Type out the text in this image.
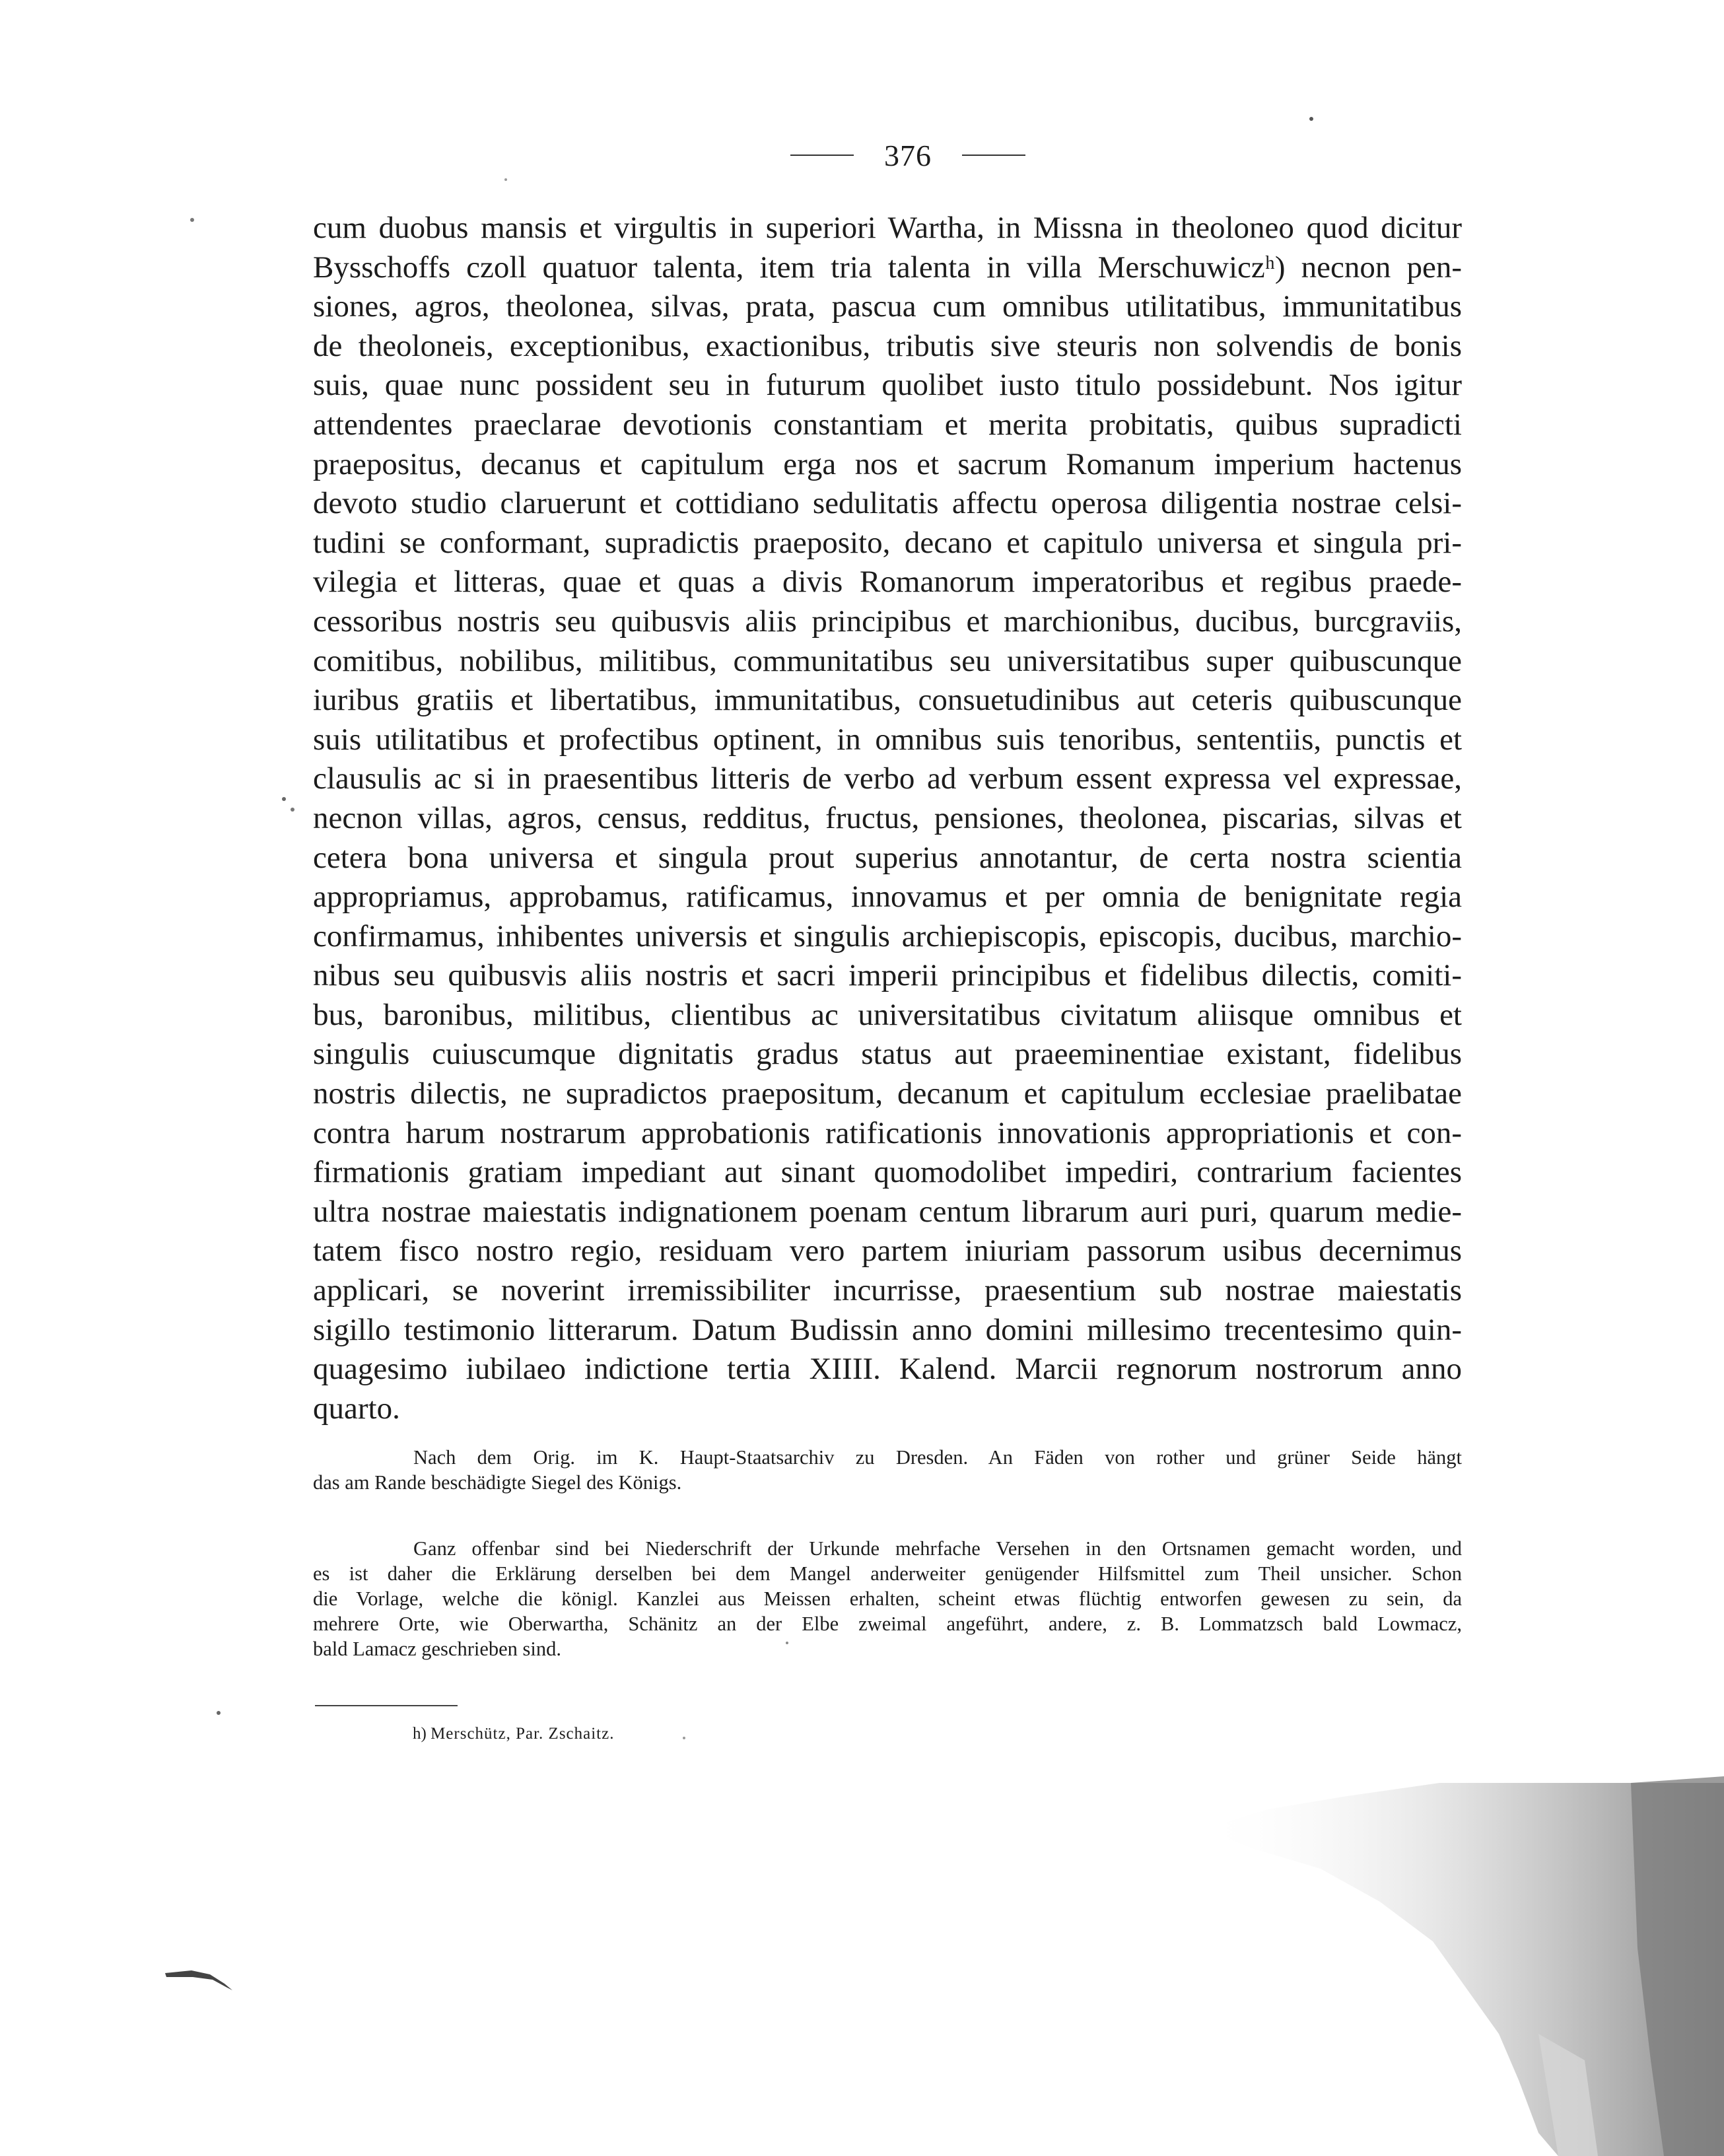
376
cum duobus mansis et virgultis in superiori Wartha, in Missna in theoloneo quod dicitur
Bysschoffs czoll quatuor talenta, item tria talenta in villa Merschuwiczʰ) necnon pen-
siones, agros, theolonea, silvas, prata, pascua cum omnibus utilitatibus, immunitatibus
de theoloneis, exceptionibus, exactionibus, tributis sive steuris non solvendis de bonis
suis, quae nunc possident seu in futurum quolibet iusto titulo possidebunt. Nos igitur
attendentes praeclarae devotionis constantiam et merita probitatis, quibus supradicti
praepositus, decanus et capitulum erga nos et sacrum Romanum imperium hactenus
devoto studio claruerunt et cottidiano sedulitatis affectu operosa diligentia nostrae celsi-
tudini se conformant, supradictis praeposito, decano et capitulo universa et singula pri-
vilegia et litteras, quae et quas a divis Romanorum imperatoribus et regibus praede-
cessoribus nostris seu quibusvis aliis principibus et marchionibus, ducibus, burcgraviis,
comitibus, nobilibus, militibus, communitatibus seu universitatibus super quibuscunque
iuribus gratiis et libertatibus, immunitatibus, consuetudinibus aut ceteris quibuscunque
suis utilitatibus et profectibus optinent, in omnibus suis tenoribus, sententiis, punctis et
clausulis ac si in praesentibus litteris de verbo ad verbum essent expressa vel expressae,
necnon villas, agros, census, redditus, fructus, pensiones, theolonea, piscarias, silvas et
cetera bona universa et singula prout superius annotantur, de certa nostra scientia
appropriamus, approbamus, ratificamus, innovamus et per omnia de benignitate regia
confirmamus, inhibentes universis et singulis archiepiscopis, episcopis, ducibus, marchio-
nibus seu quibusvis aliis nostris et sacri imperii principibus et fidelibus dilectis, comiti-
bus, baronibus, militibus, clientibus ac universitatibus civitatum aliisque omnibus et
singulis cuiuscumque dignitatis gradus status aut praeeminentiae existant, fidelibus
nostris dilectis, ne supradictos praepositum, decanum et capitulum ecclesiae praelibatae
contra harum nostrarum approbationis ratificationis innovationis appropriationis et con-
firmationis gratiam impediant aut sinant quomodolibet impediri, contrarium facientes
ultra nostrae maiestatis indignationem poenam centum librarum auri puri, quarum medie-
tatem fisco nostro regio, residuam vero partem iniuriam passorum usibus decernimus
applicari, se noverint irremissibiliter incurrisse, praesentium sub nostrae maiestatis
sigillo testimonio litterarum. Datum Budissin anno domini millesimo trecentesimo quin-
quagesimo iubilaeo indictione tertia XIIII. Kalend. Marcii regnorum nostrorum anno
quarto.
Nach dem Orig. im K. Haupt-Staatsarchiv zu Dresden. An Fäden von rother und grüner Seide hängt
das am Rande beschädigte Siegel des Königs.
Ganz offenbar sind bei Niederschrift der Urkunde mehrfache Versehen in den Ortsnamen gemacht worden, und
es ist daher die Erklärung derselben bei dem Mangel anderweiter genügender Hilfsmittel zum Theil unsicher. Schon
die Vorlage, welche die königl. Kanzlei aus Meissen erhalten, scheint etwas flüchtig entworfen gewesen zu sein, da
mehrere Orte, wie Oberwartha, Schänitz an der Elbe zweimal angeführt, andere, z. B. Lommatzsch bald Lowmacz,
bald Lamacz geschrieben sind.
h) Merschütz, Par. Zschaitz.
